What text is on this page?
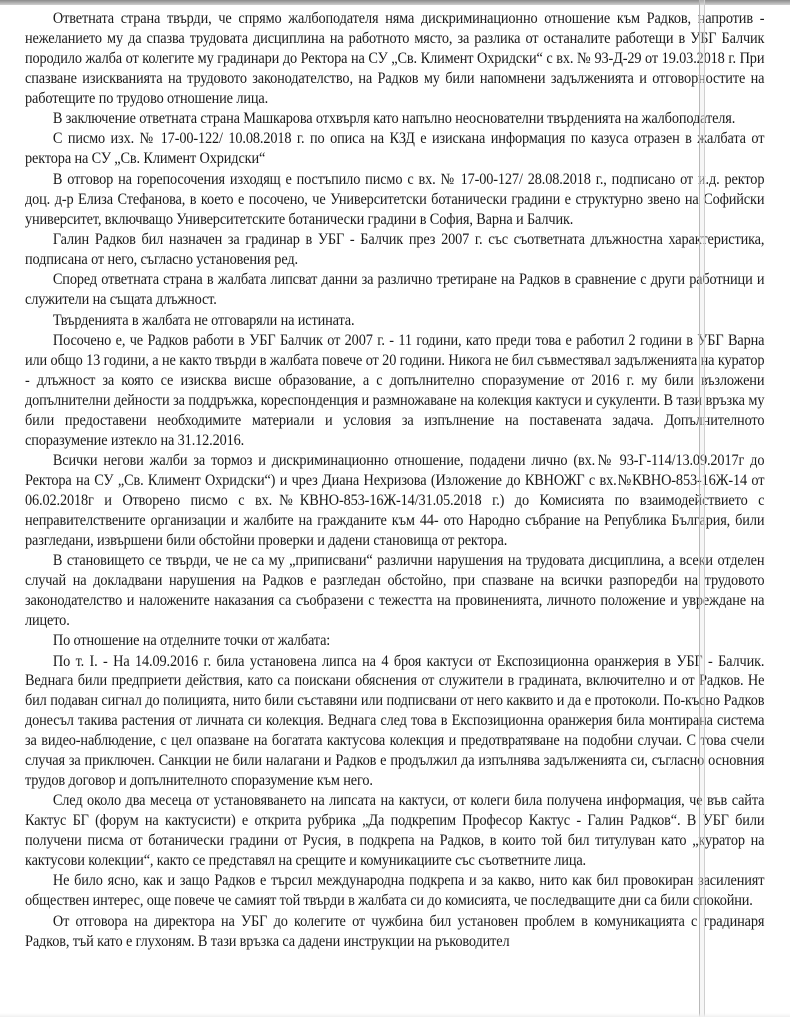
Ответната страна твърди, че спрямо жалбоподателя няма дискриминационно отношение към Радков, напротив - нежеланието му да спазва трудовата дисциплина на работното място, за разлика от останалите работещи в УБГ Балчик породило жалба от колегите му градинари до Ректора на СУ „Св. Климент Охридски“ с вх. № 93-Д-29 от 19.03.2018 г. При спазване изискванията на трудовото законодателство, на Радков му били напомнени задълженията и отговорностите на работещите по трудово отношение лица.

В заключение ответната страна Машкарова отхвърля като напълно неоснователни твърденията на жалбоподателя.

С писмо изх. № 17-00-122/ 10.08.2018 г. по описа на КЗД е изискана информация по казуса отразен в жалбата от ректора на СУ „Св. Климент Охридски“

В отговор на горепосочения изходящ е постъпило писмо с вх. № 17-00-127/ 28.08.2018 г., подписано от и.д. ректор доц. д-р Елиза Стефанова, в което е посочено, че Университетски ботанически градини е структурно звено на Софийски университет, включващо Университетските ботанически градини в София, Варна и Балчик.

Галин Радков бил назначен за градинар в УБГ - Балчик през 2007 г. със съответната длъжностна характеристика, подписана от него, съгласно установения ред.

Според ответната страна в жалбата липсват данни за различно третиране на Радков в сравнение с други работници и служители на същата длъжност.

Твърденията в жалбата не отговаряли на истината.

Посочено е, че Радков работи в УБГ Балчик от 2007 г. - 11 години, като преди това е работил 2 години в УБГ Варна или общо 13 години, а не както твърди в жалбата повече от 20 години. Никога не бил съвместявал задълженията на куратор - длъжност за която се изисква висше образование, а с допълнително споразумение от 2016 г. му били възложени допълнителни дейности за поддръжка, кореспонденция и размножаване на колекция кактуси и сукуленти. В тази връзка му били предоставени необходимите материали и условия за изпълнение на поставената задача. Допълнителното споразумение изтекло на 31.12.2016.

Всички негови жалби за тормоз и дискриминационно отношение, подадени лично (вх.№ 93-Г-114/13.09.2017г до Ректора на СУ „Св. Климент Охридски“) и чрез Диана Нехризова (Изложение до КВНОЖГ с вх.№КВНО-853-16Ж-14 от 06.02.2018г и Отворено писмо с вх.№КВНО-853-16Ж-14/31.05.2018 г.) до Комисията по взаимодействието с неправителствените организации и жалбите на гражданите към 44- ото Народно събрание на Република България, били разгледани, извършени били обстойни проверки и дадени становища от ректора.

В становището се твърди, че не са му „приписвани“ различни нарушения на трудовата дисциплина, а всеки отделен случай на докладвани нарушения на Радков е разгледан обстойно, при спазване на всички разпоредби на трудовото законодателство и наложените наказания са съобразени с тежестта на провиненията, личното положение и увреждане на лицето.

По отношение на отделните точки от жалбата:

По т. I. - На 14.09.2016 г. била установена липса на 4 броя кактуси от Експозиционна оранжерия в УБГ - Балчик. Веднага били предприети действия, като са поискани обяснения от служители в градината, включително и от Радков. Не бил подаван сигнал до полицията, нито били съставяни или подписвани от него каквито и да е протоколи. По-късно Радков донесъл такива растения от личната си колекция. Веднага след това в Експозиционна оранжерия била монтирана система за видео-наблюдение, с цел опазване на богатата кактусова колекция и предотвратяване на подобни случаи. С това счели случая за приключен. Санкции не били налагани и Радков е продължил да изпълнява задълженията си, съгласно основния трудов договор и допълнителното споразумение към него.

След около два месеца от установяването на липсата на кактуси, от колеги била получена информация, че във сайта Кактус БГ (форум на кактусисти) е открита рубрика „Да подкрепим Професор Кактус - Галин Радков“. В УБГ били получени писма от ботанически градини от Русия, в подкрепа на Радков, в които той бил титулуван като „куратор на кактусови колекции“, както се представял на срещите и комуникациите със съответните лица.

Не било ясно, как и защо Радков е търсил международна подкрепа и за какво, нито как бил провокиран засиленият обществен интерес, още повече че самият той твърди в жалбата си до комисията, че последващите дни са били спокойни.

От отговора на директора на УБГ до колегите от чужбина бил установен проблем в комуникацията с градинаря Радков, тъй като е глухоням. В тази връзка са дадени инструкции на ръководител
